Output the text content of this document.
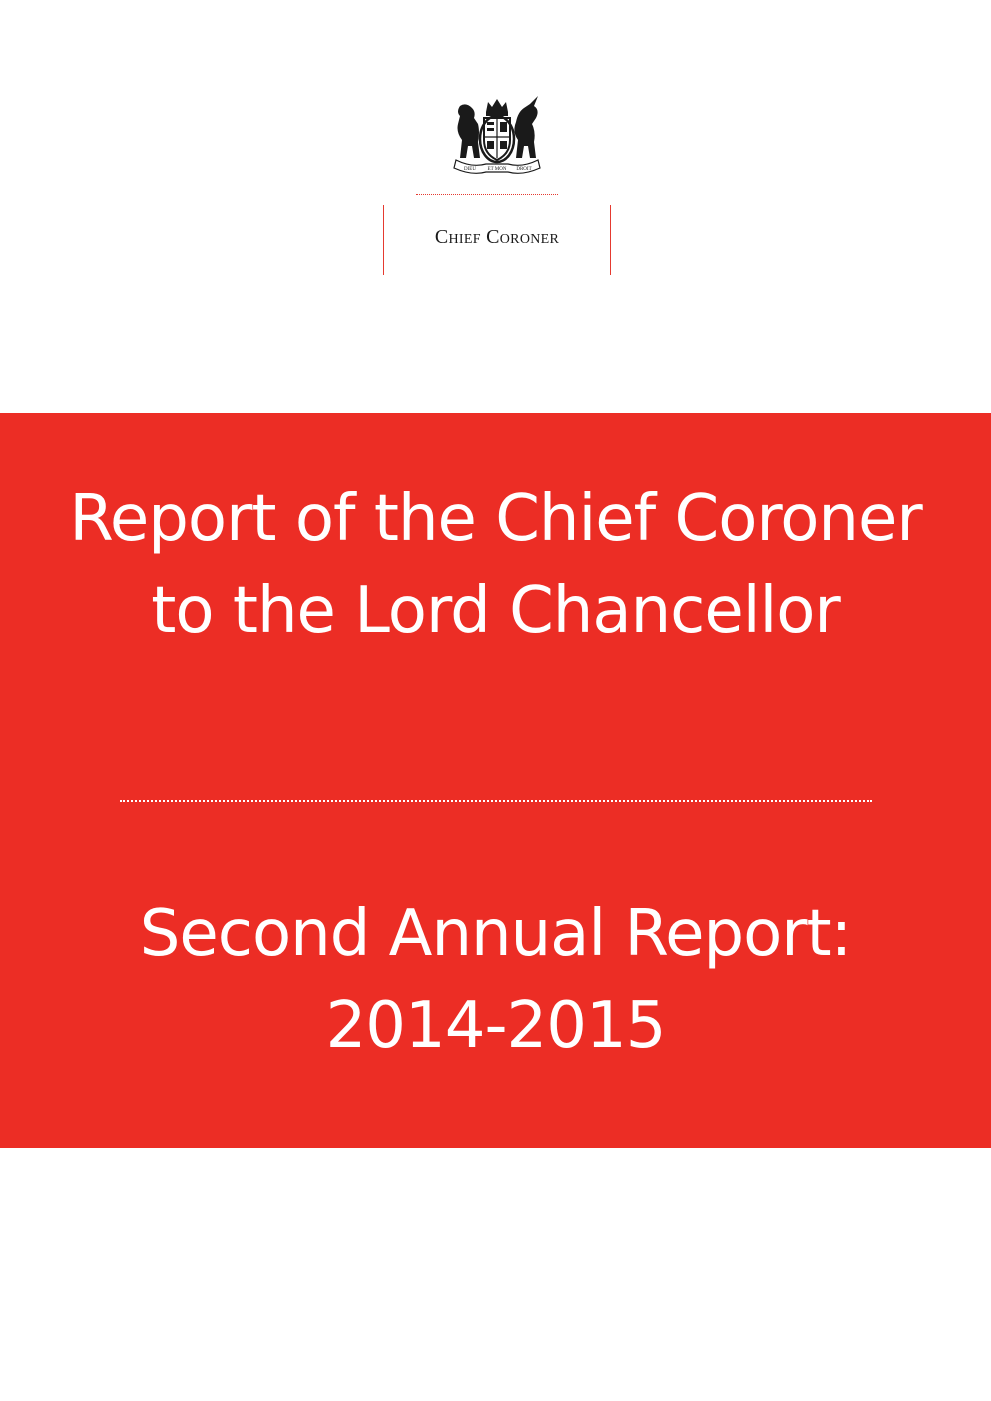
DIEU ET MON DROIT
Chief Coroner
Report of the Chief Coroner to the Lord Chancellor
Second Annual Report: 2014-2015
